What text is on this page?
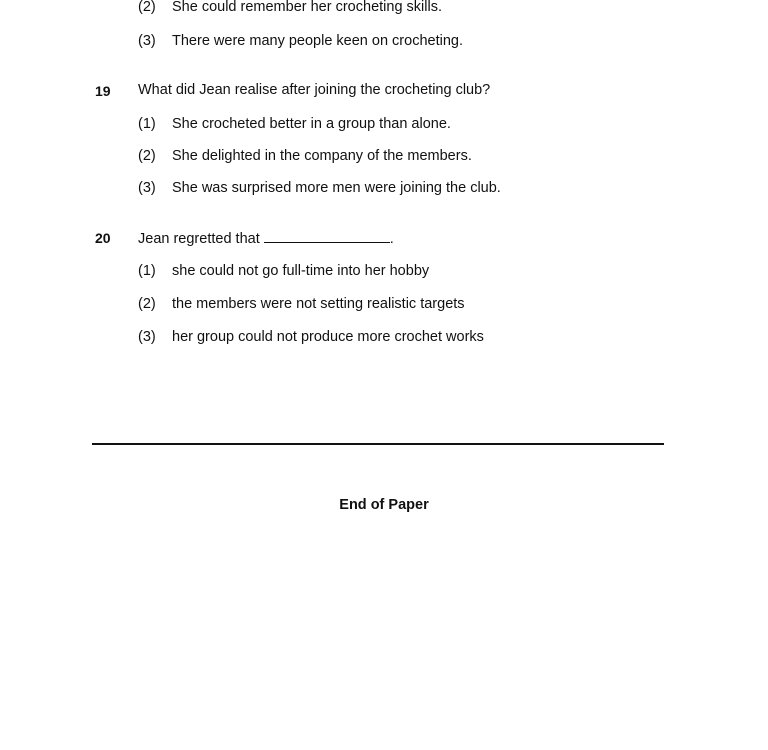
(2) She could remember her crocheting skills.
(3) There were many people keen on crocheting.
19 What did Jean realise after joining the crocheting club?
(1) She crocheted better in a group than alone.
(2) She delighted in the company of the members.
(3) She was surprised more men were joining the club.
20 Jean regretted that	.
(1) she could not go full-time into her hobby
(2) the members were not setting realistic targets
(3) her group could not produce more crochet works
End of Paper
